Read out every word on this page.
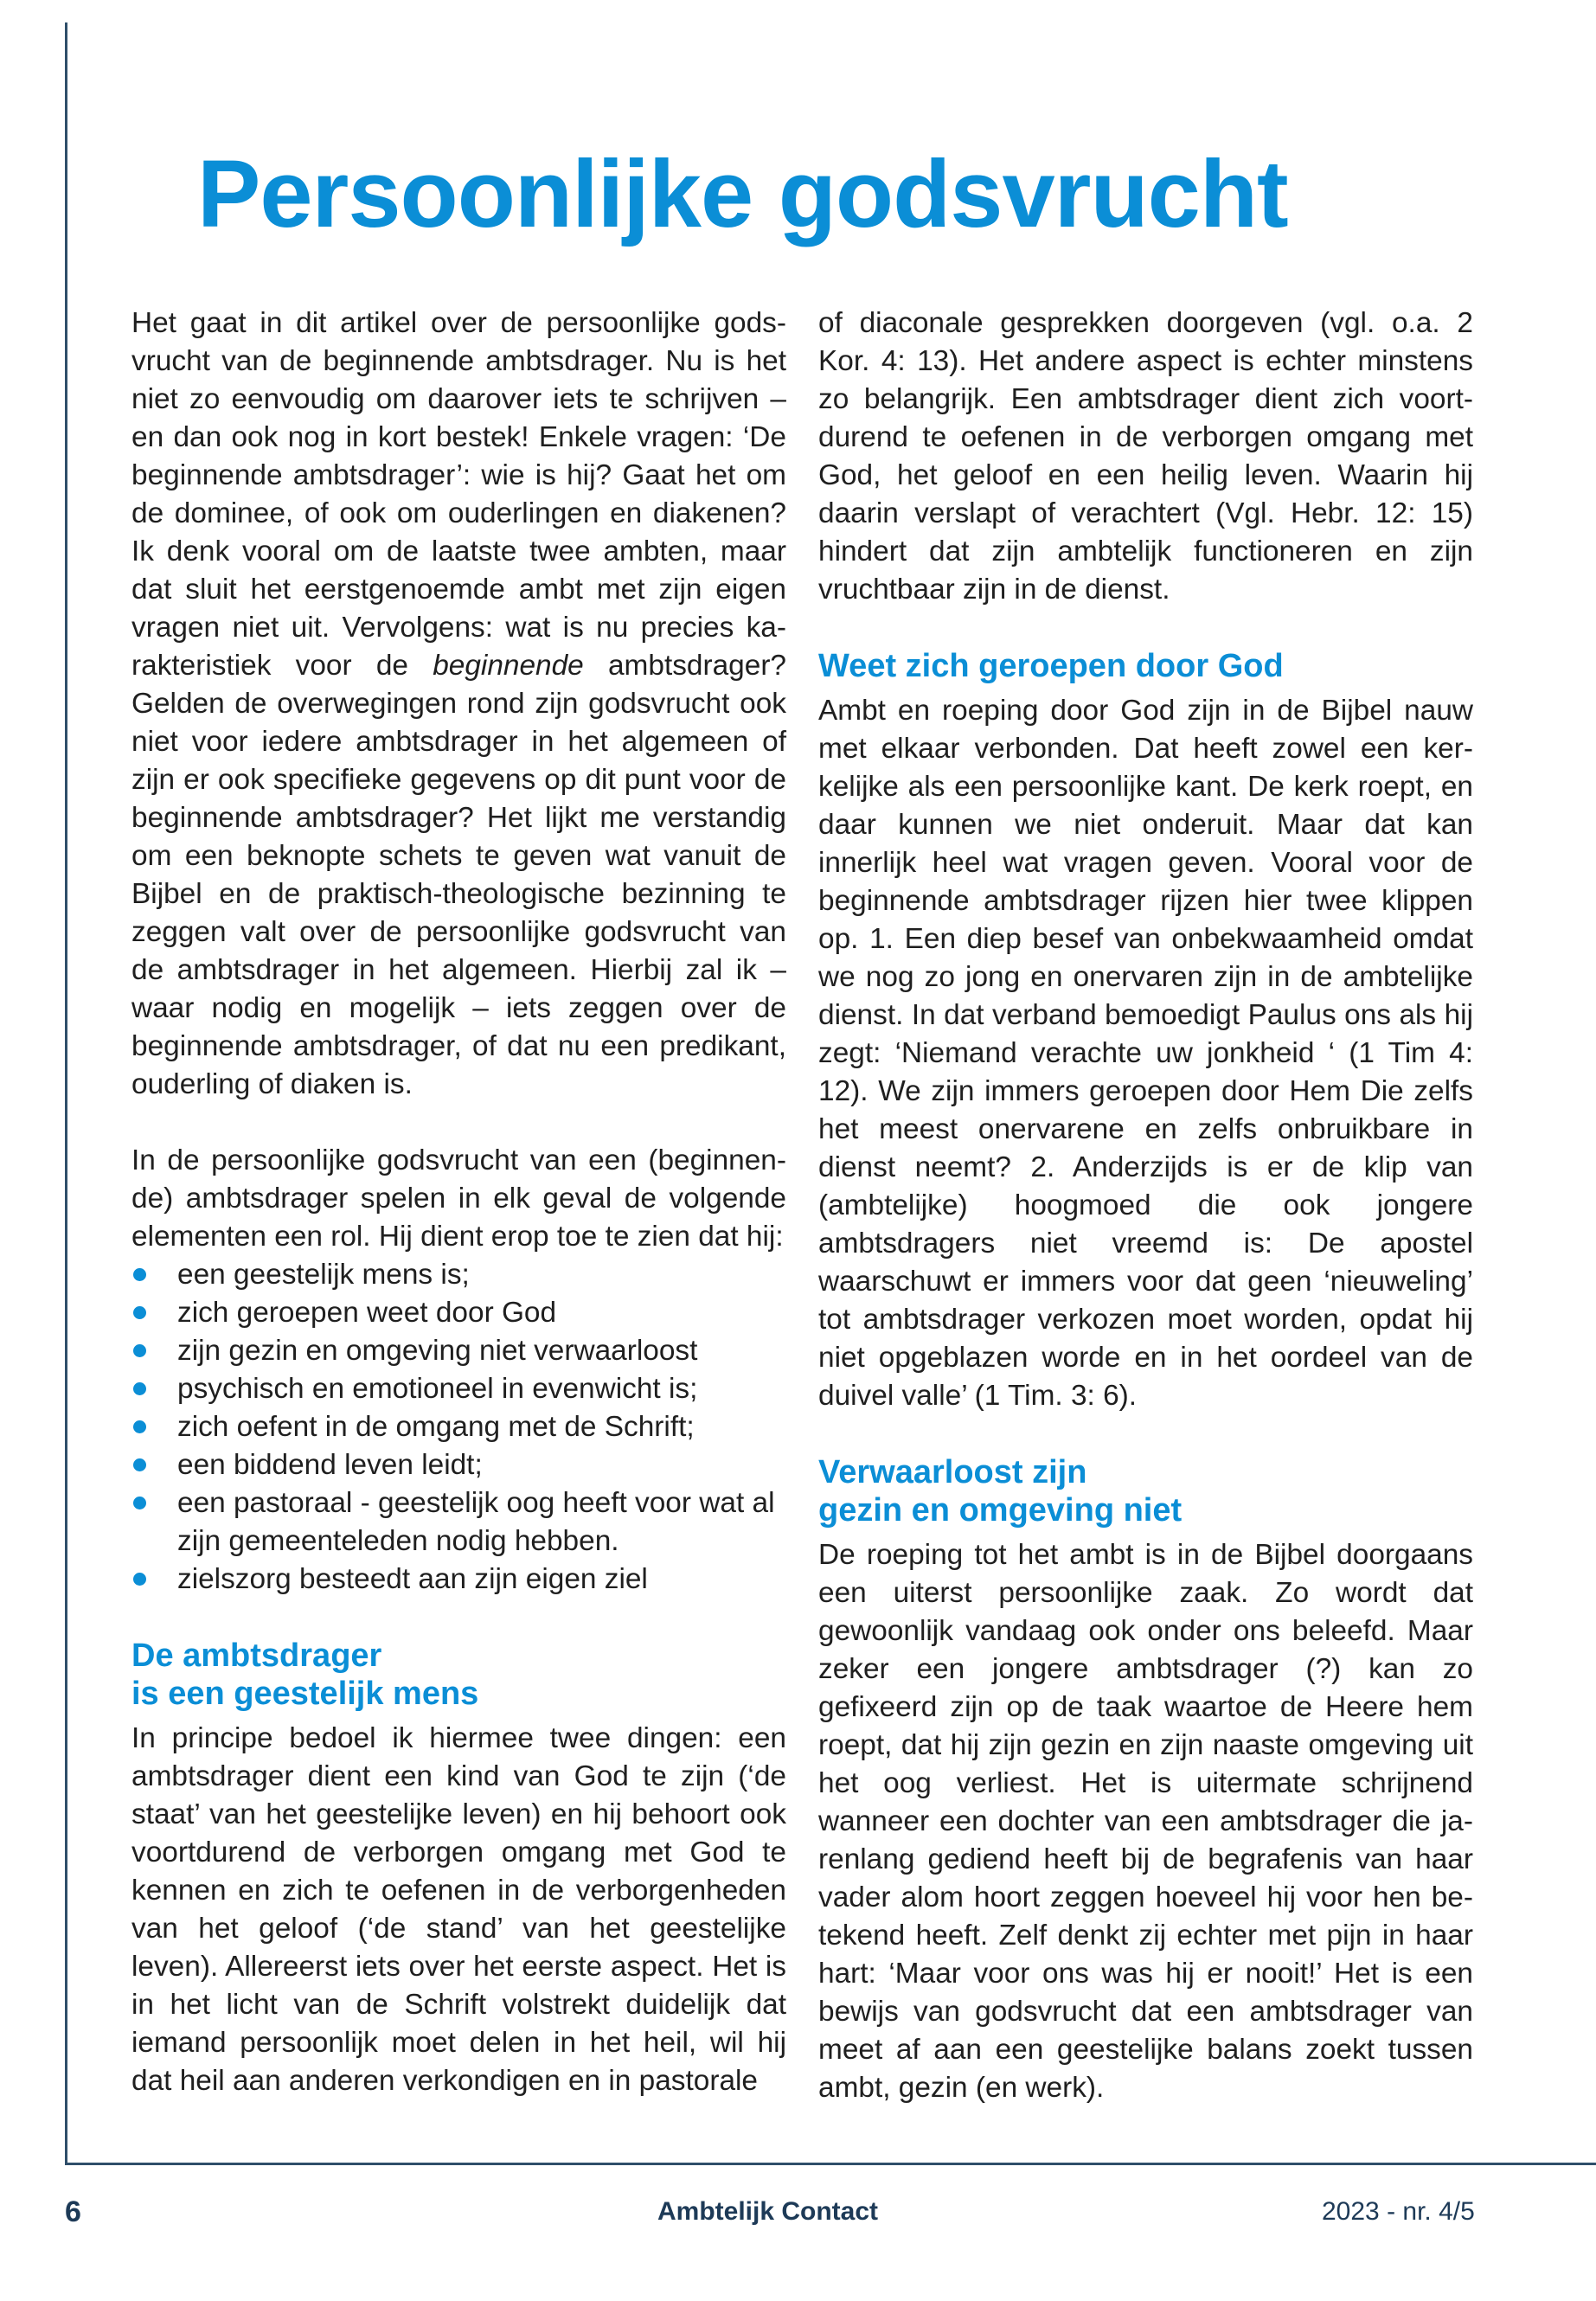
Persoonlijke godsvrucht

Het gaat in dit artikel over de persoonlijke godsvrucht van de beginnende ambtsdrager. Nu is het niet zo eenvoudig om daarover iets te schrijven – en dan ook nog in kort bestek! Enkele vragen: ‘De beginnende ambtsdrager’: wie is hij? Gaat het om de dominee, of ook om ouderlingen en diakenen? Ik denk vooral om de laatste twee ambten, maar dat sluit het eerstgenoemde ambt met zijn eigen vragen niet uit. Vervolgens: wat is nu precies karakteristiek voor de beginnende ambtsdrager? Gelden de overwegingen rond zijn godsvrucht ook niet voor iedere ambtsdrager in het algemeen of zijn er ook specifieke gegevens op dit punt voor de beginnende ambtsdrager? Het lijkt me verstandig om een beknopte schets te geven wat vanuit de Bijbel en de praktisch-theologische bezinning te zeggen valt over de persoonlijke godsvrucht van de ambtsdrager in het algemeen. Hierbij zal ik – waar nodig en mogelijk – iets zeggen over de beginnende ambtsdrager, of dat nu een predikant, ouderling of diaken is.

In de persoonlijke godsvrucht van een (beginnende) ambtsdrager spelen in elk geval de volgende elementen een rol. Hij dient erop toe te zien dat hij:

een geestelijk mens is;
zich geroepen weet door God
zijn gezin en omgeving niet verwaarloost
psychisch en emotioneel in evenwicht is;
zich oefent in de omgang met de Schrift;
een biddend leven leidt;
een pastoraal - geestelijk oog heeft voor wat al zijn gemeenteleden nodig hebben.
zielszorg besteedt aan zijn eigen ziel
De ambtsdrager
is een geestelijk mens

In principe bedoel ik hiermee twee dingen: een ambtsdrager dient een kind van God te zijn (‘de staat’ van het geestelijke leven) en hij behoort ook voortdurend de verborgen omgang met God te kennen en zich te oefenen in de verborgenheden van het geloof (‘de stand’ van het geestelijke leven). Allereerst iets over het eerste aspect. Het is in het licht van de Schrift volstrekt duidelijk dat iemand persoonlijk moet delen in het heil, wil hij dat heil aan anderen verkondigen en in pastorale

of diaconale gesprekken doorgeven (vgl. o.a. 2 Kor. 4: 13). Het andere aspect is echter minstens zo belangrijk. Een ambtsdrager dient zich voortdurend te oefenen in de verborgen omgang met God, het geloof en een heilig leven. Waarin hij daarin verslapt of verachtert (Vgl. Hebr. 12: 15) hindert dat zijn ambtelijk functioneren en zijn vruchtbaar zijn in de dienst.

Weet zich geroepen door God

Ambt en roeping door God zijn in de Bijbel nauw met elkaar verbonden. Dat heeft zowel een kerkelijke als een persoonlijke kant. De kerk roept, en daar kunnen we niet onderuit. Maar dat kan innerlijk heel wat vragen geven. Vooral voor de beginnende ambtsdrager rijzen hier twee klippen op. 1. Een diep besef van onbekwaamheid omdat we nog zo jong en onervaren zijn in de ambtelijke dienst. In dat verband bemoedigt Paulus ons als hij zegt: ‘Niemand verachte uw jonkheid ‘ (1 Tim 4: 12). We zijn immers geroepen door Hem Die zelfs het meest onervarene en zelfs onbruikbare in dienst neemt? 2. Anderzijds is er de klip van (ambtelijke) hoogmoed die ook jongere ambtsdragers niet vreemd is: De apostel waarschuwt er immers voor dat geen ‘nieuweling’ tot ambtsdrager verkozen moet worden, opdat hij niet opgeblazen worde en in het oordeel van de duivel valle’ (1 Tim. 3: 6).

Verwaarloost zijn
gezin en omgeving niet

De roeping tot het ambt is in de Bijbel doorgaans een uiterst persoonlijke zaak. Zo wordt dat gewoonlijk vandaag ook onder ons beleefd. Maar zeker een jongere ambtsdrager (?) kan zo gefixeerd zijn op de taak waartoe de Heere hem roept, dat hij zijn gezin en zijn naaste omgeving uit het oog verliest. Het is uitermate schrijnend wanneer een dochter van een ambtsdrager die jarenlang gediend heeft bij de begrafenis van haar vader alom hoort zeggen hoeveel hij voor hen betekend heeft. Zelf denkt zij echter met pijn in haar hart: ‘Maar voor ons was hij er nooit!’ Het is een bewijs van godsvrucht dat een ambtsdrager van meet af aan een geestelijke balans zoekt tussen ambt, gezin (en werk).

6	Ambtelijk Contact	2023 - nr. 4/5
